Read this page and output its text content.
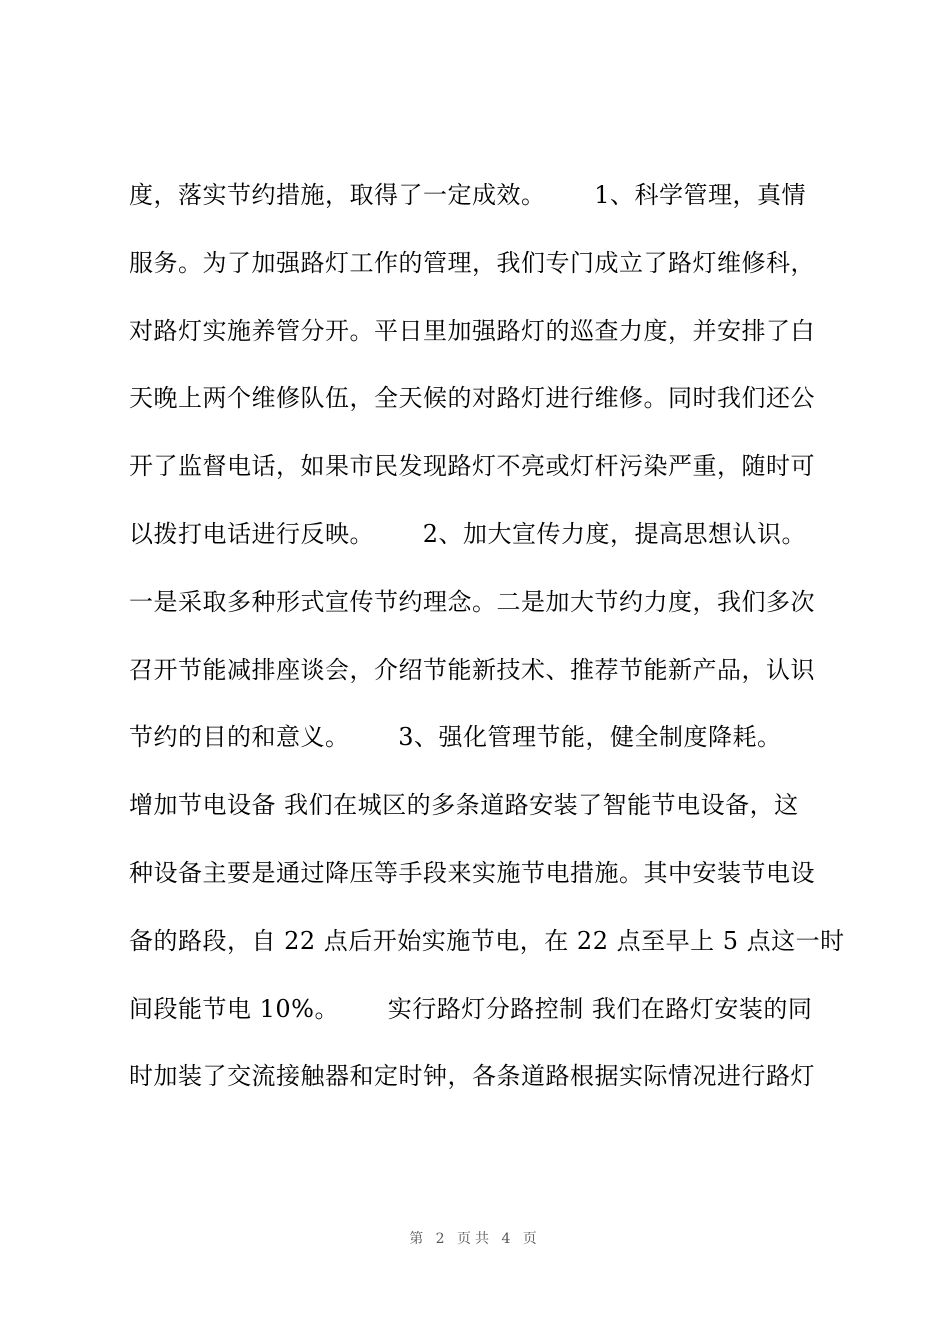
度，落实节约措施，取得了一定成效。      1、科学管理，真情
服务。为了加强路灯工作的管理，我们专门成立了路灯维修科，
对路灯实施养管分开。平日里加强路灯的巡查力度，并安排了白
天晚上两个维修队伍，全天候的对路灯进行维修。同时我们还公
开了监督电话，如果市民发现路灯不亮或灯杆污染严重，随时可
以拨打电话进行反映。      2、加大宣传力度，提高思想认识。
一是采取多种形式宣传节约理念。二是加大节约力度，我们多次
召开节能减排座谈会，介绍节能新技术、推荐节能新产品，认识
节约的目的和意义。      3、强化管理节能，健全制度降耗。
增加节电设备 我们在城区的多条道路安装了智能节电设备，这
种设备主要是通过降压等手段来实施节电措施。其中安装节电设
备的路段，自 22 点后开始实施节电，在 22 点至早上 5 点这一时
间段能节电 10%。      实行路灯分路控制 我们在路灯安装的同
时加装了交流接触器和定时钟，各条道路根据实际情况进行路灯
第 2 页共 4 页
